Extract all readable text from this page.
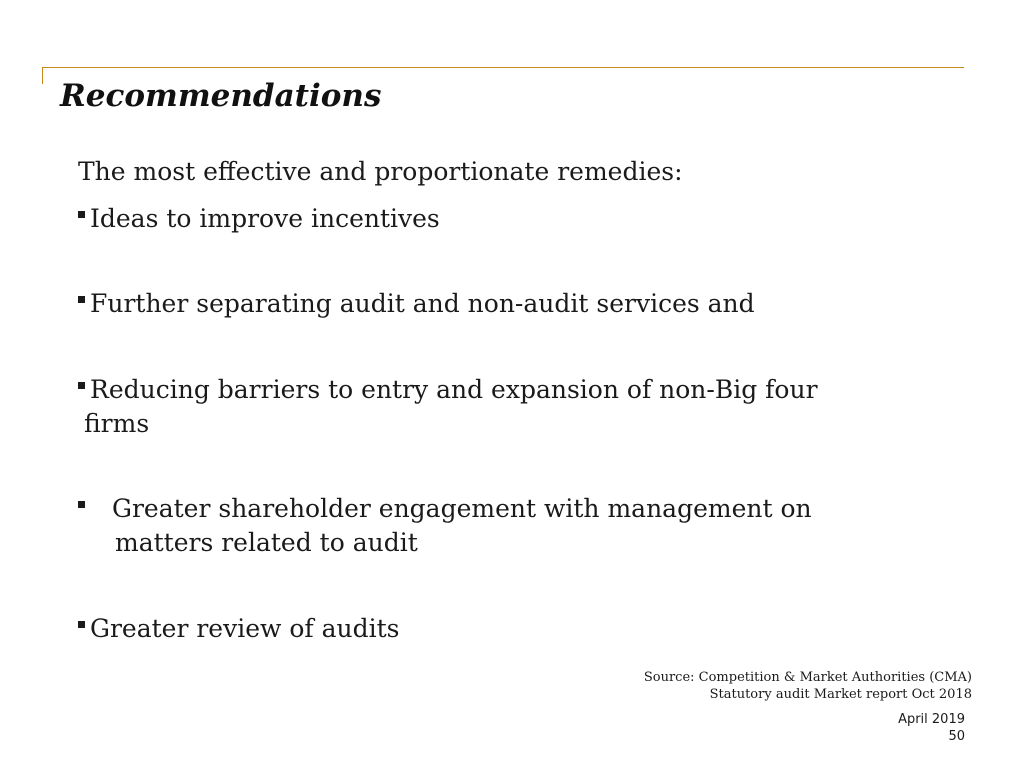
Recommendations
The most effective and proportionate remedies:
Ideas to improve incentives
Further separating audit and non-audit services and
Reducing barriers to entry and expansion of non-Big four
firms
Greater shareholder engagement with management on
matters related to audit
Greater review of audits
Source: Competition & Market Authorities (CMA)
Statutory audit Market report Oct 2018
April 2019
50
